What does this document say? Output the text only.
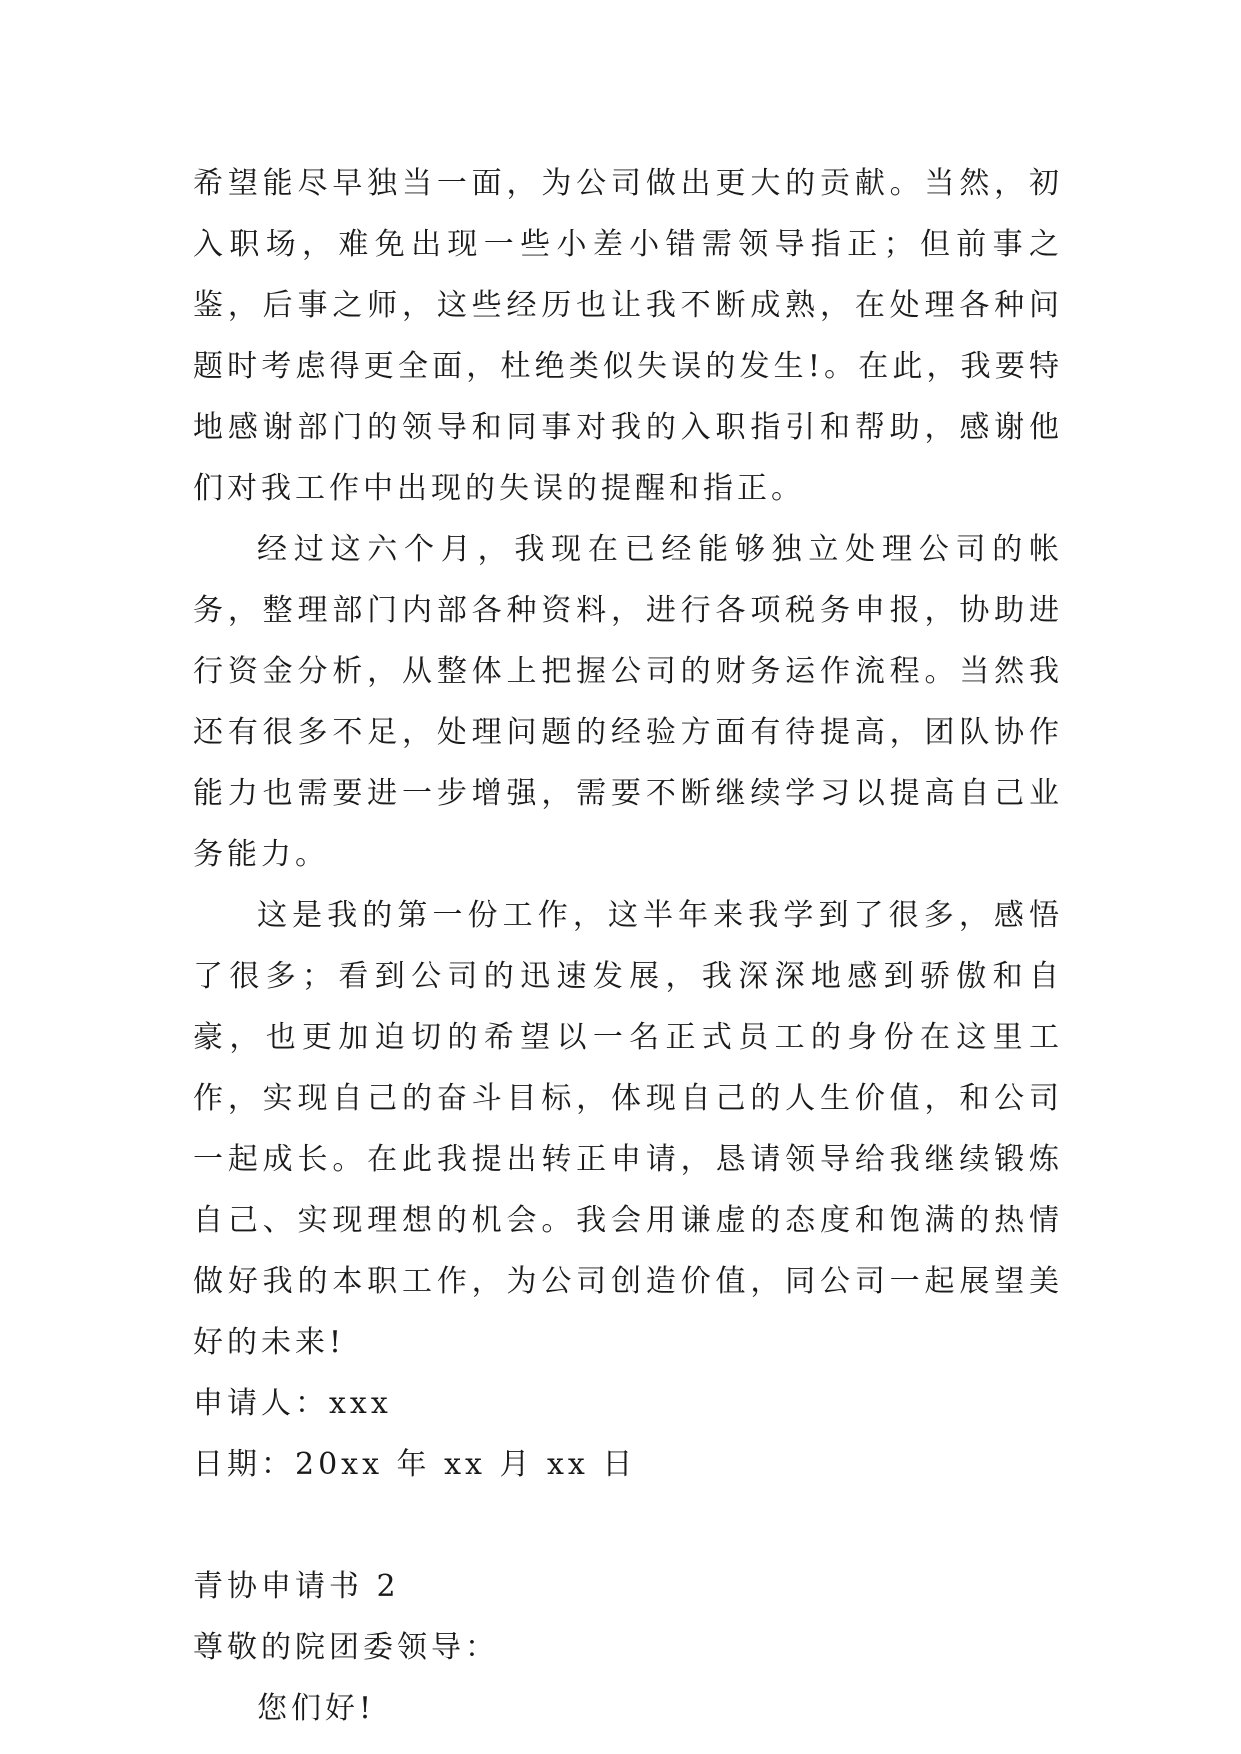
希望能尽早独当一面，为公司做出更大的贡献。当然，初入职场，难免出现一些小差小错需领导指正；但前事之鉴，后事之师，这些经历也让我不断成熟，在处理各种问题时考虑得更全面，杜绝类似失误的发生!。在此，我要特地感谢部门的领导和同事对我的入职指引和帮助，感谢他们对我工作中出现的失误的提醒和指正。

经过这六个月，我现在已经能够独立处理公司的帐务，整理部门内部各种资料，进行各项税务申报，协助进行资金分析，从整体上把握公司的财务运作流程。当然我还有很多不足，处理问题的经验方面有待提高，团队协作能力也需要进一步增强，需要不断继续学习以提高自己业务能力。

这是我的第一份工作，这半年来我学到了很多，感悟了很多；看到公司的迅速发展，我深深地感到骄傲和自豪，也更加迫切的希望以一名正式员工的身份在这里工作，实现自己的奋斗目标，体现自己的人生价值，和公司一起成长。在此我提出转正申请，恳请领导给我继续锻炼自己、实现理想的机会。我会用谦虚的态度和饱满的热情做好我的本职工作，为公司创造价值，同公司一起展望美好的未来!

申请人：xxx

日期：20xx 年 xx 月 xx 日

青协申请书 2

尊敬的院团委领导：

您们好!
